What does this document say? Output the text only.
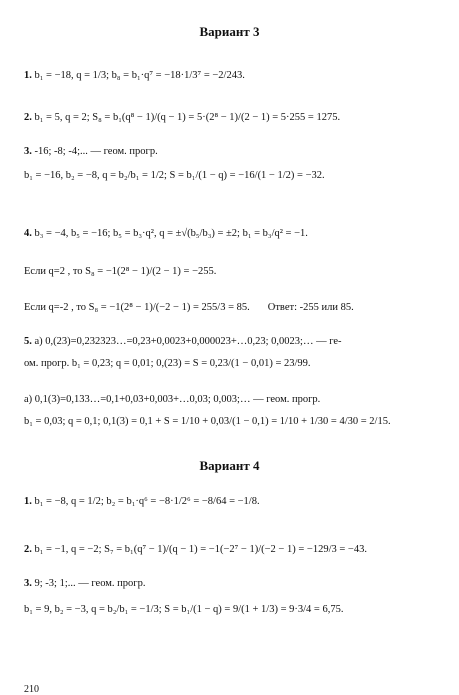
Вариант 3
1.
b₁ = −18, q = 1/3; b₈ = b₁·q⁷ = −18·1/3⁷ = −2/243.
2.
b₁ = 5, q = 2; S₈ = b₁(q⁸ − 1)/(q − 1) = 5·(2⁸ − 1)/(2 − 1) = 5·255 = 1275.
3.
-16; -8; -4;... — геом. прогр.
b₁ = −16, b₂ = −8, q = b₂/b₁ = 1/2; S = b₁/(1 − q) = −16/(1 − 1/2) = −32.
4.
b₃ = −4, b₅ = −16; b₅ = b₃·q², q = ±√(b₅/b₃) = ±2; b₁ = b₃/q² = −1.
Если q=2 , то S₈ = −1(2⁸ − 1)/(2 − 1) = −255.
Если q=-2 , то S₈ = −1(2⁸ − 1)/(−2 − 1) = 255/3 = 85. Ответ: -255 или 85.
5.
а) 0,(23)=0,232323…=0,23+0,0023+0,000023+…0,23; 0,0023;… — ге-
ом. прогр. b₁ = 0,23; q = 0,01; 0,(23) = S = 0,23/(1 − 0,01) = 23/99.
а) 0,1(3)=0,133…=0,1+0,03+0,003+…0,03; 0,003;… — геом. прогр.
b₁ = 0,03; q = 0,1; 0,1(3) = 0,1 + S = 1/10 + 0,03/(1 − 0,1) = 1/10 + 1/30 = 4/30 = 2/15.
Вариант 4
1.
b₁ = −8, q = 1/2; b₂ = b₁·q⁶ = −8·1/2⁶ = −8/64 = −1/8.
2.
b₁ = −1, q = −2; S₇ = b₁(q⁷ − 1)/(q − 1) = −1(−2⁷ − 1)/(−2 − 1) = −129/3 = −43.
3.
9; -3; 1;... — геом. прогр.
b₁ = 9, b₂ = −3, q = b₂/b₁ = −1/3; S = b₁/(1 − q) = 9/(1 + 1/3) = 9·3/4 = 6,75.
210
